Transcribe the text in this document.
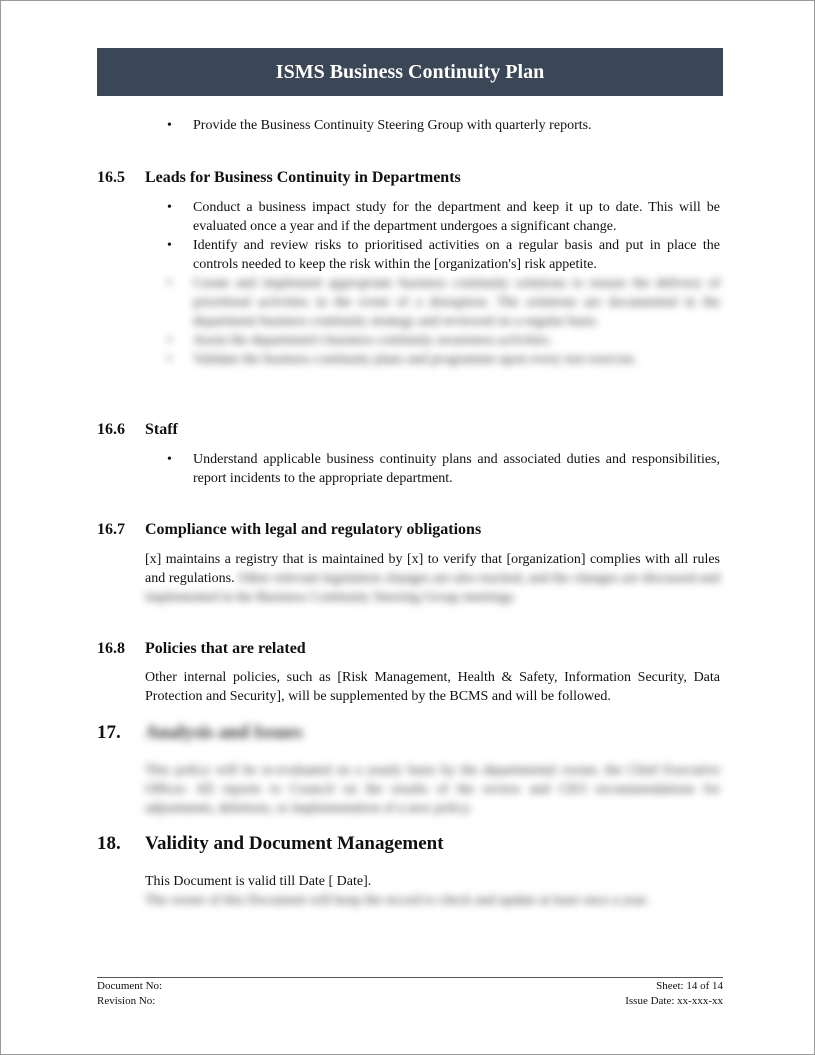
ISMS Business Continuity Plan
•	Provide the Business Continuity Steering Group with quarterly reports.
16.5	Leads for Business Continuity in Departments
•	Conduct a business impact study for the department and keep it up to date. This will be evaluated once a year and if the department undergoes a significant change.
•	Identify and review risks to prioritised activities on a regular basis and put in place the controls needed to keep the risk within the [organization's] risk appetite.
•	Create and implement appropriate business continuity solutions to ensure the delivery of prioritised activities in the event of a disruption. The solutions are documented in the department business continuity strategy and reviewed on a regular basis.
•	Assist the department's business continuity awareness activities.
•	Validate the business continuity plans and programme upon every test exercise.
16.6	Staff
•	Understand applicable business continuity plans and associated duties and responsibilities, report incidents to the appropriate department.
16.7	Compliance with legal and regulatory obligations
[x] maintains a registry that is maintained by [x] to verify that [organization] complies with all rules and regulations. Other relevant legislation changes are also tracked, and the changes are discussed and implemented in the Business Continuity Steering Group meetings.
16.8	Policies that are related
Other internal policies, such as [Risk Management, Health & Safety, Information Security, Data Protection and Security], will be supplemented by the BCMS and will be followed.
17.	Analysis and Issues
This policy will be re-evaluated on a yearly basis by the departmental owner, the Chief Executive Officer. All reports to Council on the results of the review and CEO recommendations for adjustments, deletions, or implementation of a new policy.
18.	Validity and Document Management
This Document is valid till Date [ Date].
The owner of this Document will keep the record to check and update at least once a year.
Document No:	Sheet: 14 of 14
Revision No:	Issue Date: xx-xxx-xx
